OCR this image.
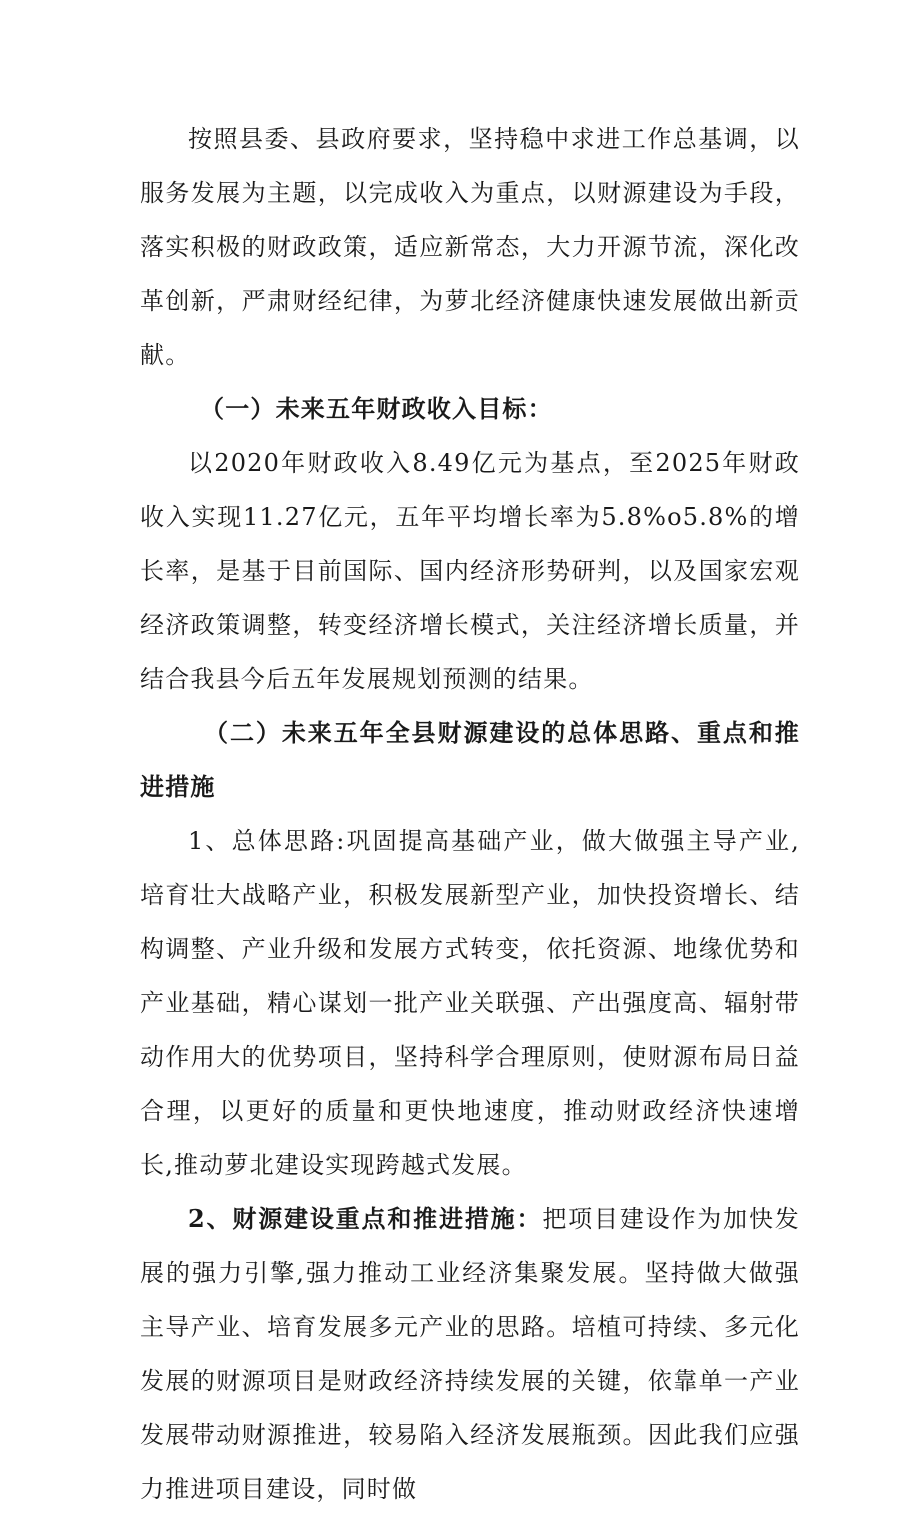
按照县委、县政府要求，坚持稳中求进工作总基调，以服务发展为主题，以完成收入为重点，以财源建设为手段，落实积极的财政政策，适应新常态，大力开源节流，深化改革创新，严肃财经纪律，为萝北经济健康快速发展做出新贡献。

（一）未来五年财政收入目标：

以2020年财政收入8.49亿元为基点，至2025年财政收入实现11.27亿元，五年平均增长率为5.8%o5.8%的增长率，是基于目前国际、国内经济形势研判，以及国家宏观经济政策调整，转变经济增长模式，关注经济增长质量，并结合我县今后五年发展规划预测的结果。

（二）未来五年全县财源建设的总体思路、重点和推进措施

1、总体思路:巩固提高基础产业，做大做强主导产业,培育壮大战略产业，积极发展新型产业，加快投资增长、结构调整、产业升级和发展方式转变，依托资源、地缘优势和产业基础，精心谋划一批产业关联强、产出强度高、辐射带动作用大的优势项目，坚持科学合理原则，使财源布局日益合理，以更好的质量和更快地速度，推动财政经济快速增长,推动萝北建设实现跨越式发展。

2、财源建设重点和推进措施：把项目建设作为加快发展的强力引擎,强力推动工业经济集聚发展。坚持做大做强主导产业、培育发展多元产业的思路。培植可持续、多元化发展的财源项目是财政经济持续发展的关键，依靠单一产业发展带动财源推进，较易陷入经济发展瓶颈。因此我们应强力推进项目建设，同时做
